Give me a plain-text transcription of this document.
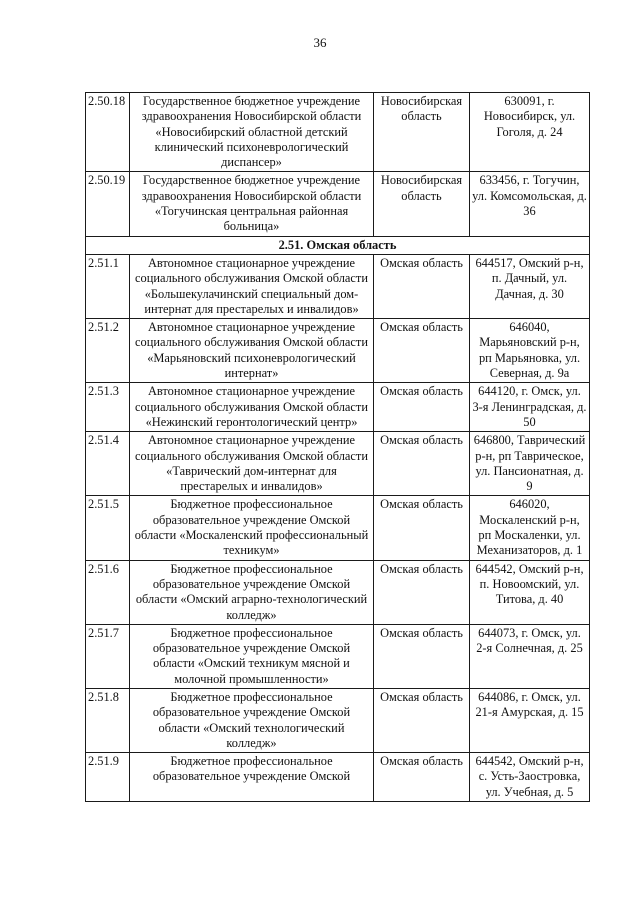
36
2.50.18	Государственное бюджетное учреждение здравоохранения Новосибирской области «Новосибирский областной детский клинический психоневрологический диспансер»	Новосибирская область	630091, г. Новосибирск, ул. Гоголя, д. 24
2.50.19	Государственное бюджетное учреждение здравоохранения Новосибирской области «Тогучинская центральная районная больница»	Новосибирская область	633456, г. Тогучин, ул. Комсомольская, д. 36
2.51. Омская область			
2.51.1	Автономное стационарное учреждение социального обслуживания Омской области «Большекулачинский специальный дом-интернат для престарелых и инвалидов»	Омская область	644517, Омский р-н, п. Дачный, ул. Дачная, д. 30
2.51.2	Автономное стационарное учреждение социального обслуживания Омской области «Марьяновский психоневрологический интернат»	Омская область	646040, Марьяновский р-н, рп Марьяновка, ул. Северная, д. 9а
2.51.3	Автономное стационарное учреждение социального обслуживания Омской области «Нежинский геронтологический центр»	Омская область	644120, г. Омск, ул. 3-я Ленинградская, д. 50
2.51.4	Автономное стационарное учреждение социального обслуживания Омской области «Таврический дом-интернат для престарелых и инвалидов»	Омская область	646800, Таврический р-н, рп Таврическое, ул. Пансионатная, д. 9
2.51.5	Бюджетное профессиональное образовательное учреждение Омской области «Москаленский профессиональный техникум»	Омская область	646020, Москаленский р-н, рп Москаленки, ул. Механизаторов, д. 1
2.51.6	Бюджетное профессиональное образовательное учреждение Омской области «Омский аграрно-технологический колледж»	Омская область	644542, Омский р-н, п. Новоомский, ул. Титова, д. 40
2.51.7	Бюджетное профессиональное образовательное учреждение Омской области «Омский техникум мясной и молочной промышленности»	Омская область	644073, г. Омск, ул. 2-я Солнечная, д. 25
2.51.8	Бюджетное профессиональное образовательное учреждение Омской области «Омский технологический колледж»	Омская область	644086, г. Омск, ул. 21-я Амурская, д. 15
2.51.9	Бюджетное профессиональное образовательное учреждение Омской	Омская область	644542, Омский р-н, с. Усть-Заостровка, ул. Учебная, д. 5
